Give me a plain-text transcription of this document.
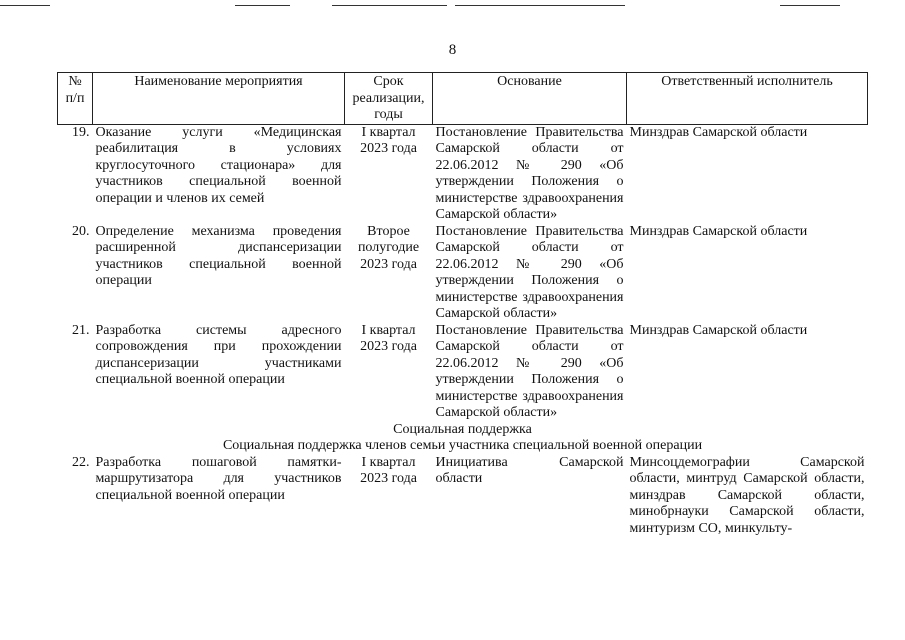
8
№ п/п	Наименование мероприятия	Срок реализации, годы	Основание	Ответственный исполнитель
19.	Оказание услуги «Медицинская реабилитация в условиях круглосуточного стационара» для участников специальной военной операции и членов их семей	I квартал 2023 года	Постановление Правительства Самарской области от 22.06.2012 № 290 «Об утверждении Положения о министерстве здравоохранения Самарской области»	Минздрав Самарской области
20.	Определение механизма проведения расширенной диспансеризации участников специальной военной операции	Второе полугодие 2023 года	Постановление Правительства Самарской области от 22.06.2012 № 290 «Об утверждении Положения о министерстве здравоохранения Самарской области»	Минздрав Самарской области
21.	Разработка системы адресного сопровождения при прохождении диспансеризации участниками специальной военной операции	I квартал 2023 года	Постановление Правительства Самарской области от 22.06.2012 № 290 «Об утверждении Положения о министерстве здравоохранения Самарской области»	Минздрав Самарской области
Социальная поддержка				
Социальная поддержка членов семьи участника специальной военной операции				
22.	Разработка пошаговой памятки-маршрутизатора для участников специальной военной операции	I квартал 2023 года	Инициатива Самарской области	Минсоцдемографии Самарской области, минтруд Самарской области, минздрав Самарской области, минобрнауки Самарской области, минтуризм СО, минкульту-
